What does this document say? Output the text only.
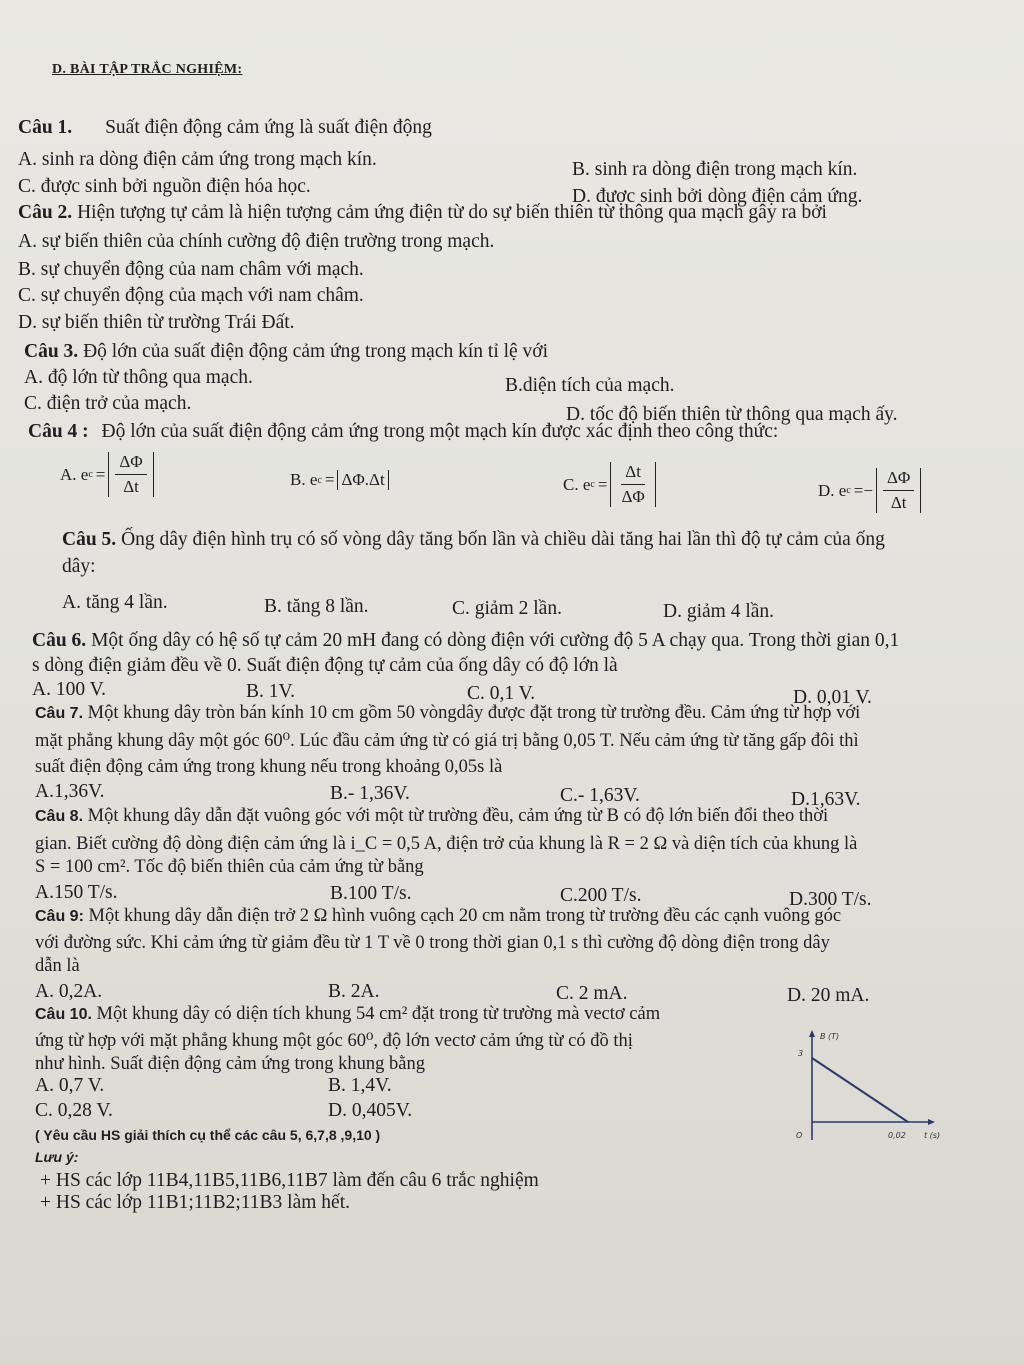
D. BÀI TẬP TRẮC NGHIỆM:
Câu 1. Suất điện động cảm ứng là suất điện động
A. sinh ra dòng điện cảm ứng trong mạch kín.	B. sinh ra dòng điện trong mạch kín.
C. được sinh bởi nguồn điện hóa học.	D. được sinh bởi dòng điện cảm ứng.
Câu 2. Hiện tượng tự cảm là hiện tượng cảm ứng điện từ do sự biến thiên từ thông qua mạch gây ra bởi
A. sự biến thiên của chính cường độ điện trường trong mạch.
B. sự chuyển động của nam châm với mạch.
C. sự chuyển động của mạch với nam châm.
D. sự biến thiên từ trường Trái Đất.
Câu 3. Độ lớn của suất điện động cảm ứng trong mạch kín tỉ lệ với
A. độ lớn từ thông qua mạch.	B.diện tích của mạch.
C. điện trở của mạch.
D. tốc độ biến thiên từ thông qua mạch ấy.
Câu 4 : Độ lớn của suất điện động cảm ứng trong một mạch kín được xác định theo công thức:
A.
e $c = \frac{\Delta\Phi}{\Delta t}$	B.
e c = ΔΦ.Δt	C.
e $c = \frac{\Delta t}{\Delta\Phi}$	D.
e $c =- \frac{\Delta\Phi}{\Delta t}$
Câu 5. Ống dây điện hình trụ có số vòng dây tăng bốn lần và chiều dài tăng hai lần thì độ tự cảm của ống
dây:
A. tăng 4 lần.	B. tăng 8 lần.	C. giảm 2 lần.	D. giảm 4 lần.
Câu 6. Một ống dây có hệ số tự cảm 20 mH đang có dòng điện với cường độ 5 A chạy qua. Trong thời gian 0,1
s dòng điện giảm đều về 0. Suất điện động tự cảm của ống dây có độ lớn là
A. 100 V.	B. 1V.	C. 0,1 V.	D. 0,01 V.
Câu 7. Một khung dây tròn bán kính 10 cm gồm 50 vòngdây được đặt trong từ trường đều. Cảm ứng từ hợp với
mặt phẳng khung dây một góc 60⁰. Lúc đầu cảm ứng từ có giá trị bằng 0,05 T. Nếu cảm ứng từ tăng gấp đôi thì
suất điện động cảm ứng trong khung nếu trong khoảng 0,05s là
A.1,36V.	B.- 1,36V.	C.- 1,63V.	D.1,63V.
Câu 8. Một khung dây dẫn đặt vuông góc với một từ trường đều, cảm ứng từ B có độ lớn biến đổi theo thời
gian. Biết cường độ dòng điện cảm ứng là i_C = 0,5 A, điện trở của khung là R = 2 Ω và diện tích của khung là
S = 100 cm². Tốc độ biến thiên của cảm ứng từ bằng
A.150 T/s.	B.100 T/s.	C.200 T/s.	D.300 T/s.
Câu 9: Một khung dây dẫn điện trở 2 Ω hình vuông cạch 20 cm nằm trong từ trường đều các cạnh vuông góc
với đường sức. Khi cảm ứng từ giảm đều từ 1 T về 0 trong thời gian 0,1 s thì cường độ dòng điện trong dây
dẫn là
A. 0,2A.	B. 2A.	C. 2 mA.	D. 20 mA.
Câu 10. Một khung dây có diện tích khung 54 cm² đặt trong từ trường mà vectơ cảm
ứng từ hợp với mặt phẳng khung một góc 60⁰, độ lớn vectơ cảm ứng từ có đồ thị
như hình. Suất điện động cảm ứng trong khung bằng
A. 0,7 V.	B. 1,4V.
C. 0,28 V.	D. 0,405V.
B (T)
3
O	0,02 t (s)
( Yêu cầu HS giải thích cụ thể các câu 5, 6,7,8 ,9,10 )
Lưu ý:
+ HS các lớp 11B4,11B5,11B6,11B7 làm đến câu 6 trắc nghiệm
+ HS các lớp 11B1;11B2;11B3 làm hết.
